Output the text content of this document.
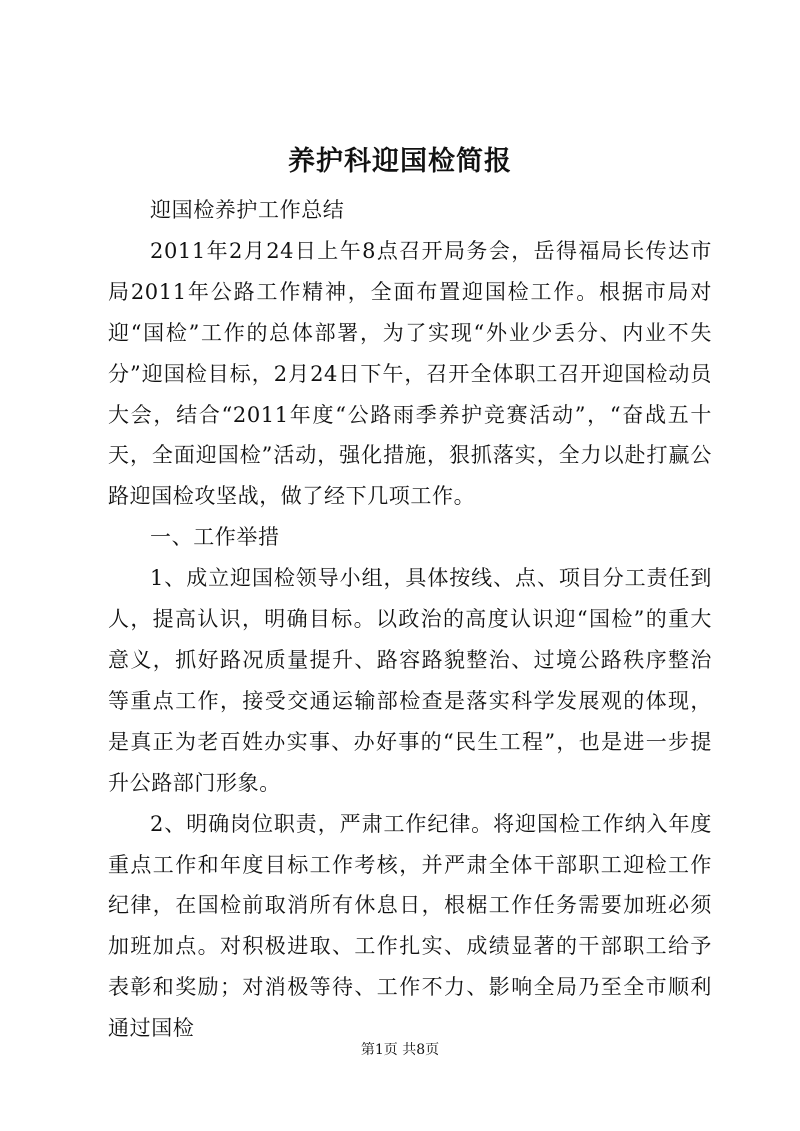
养护科迎国检简报

迎国检养护工作总结

2011年2月24日上午8点召开局务会，岳得福局长传达市局2011年公路工作精神，全面布置迎国检工作。根据市局对迎“国检”工作的总体部署，为了实现“外业少丢分、内业不失分”迎国检目标，2月24日下午，召开全体职工召开迎国检动员大会，结合“2011年度“公路雨季养护竞赛活动”，“奋战五十天，全面迎国检”活动，强化措施，狠抓落实，全力以赴打赢公路迎国检攻坚战，做了经下几项工作。

一、工作举措

1、成立迎国检领导小组，具体按线、点、项目分工责任到人，提高认识，明确目标。以政治的高度认识迎“国检”的重大意义，抓好路况质量提升、路容路貌整治、过境公路秩序整治等重点工作，接受交通运输部检查是落实科学发展观的体现，是真正为老百姓办实事、办好事的“民生工程”，也是进一步提升公路部门形象。

2、明确岗位职责，严肃工作纪律。将迎国检工作纳入年度重点工作和年度目标工作考核，并严肃全体干部职工迎检工作纪律，在国检前取消所有休息日，根椐工作任务需要加班必须加班加点。对积极进取、工作扎实、成绩显著的干部职工给予表彰和奖励；对消极等待、工作不力、影响全局乃至全市顺利通过国检

第1页 共8页
